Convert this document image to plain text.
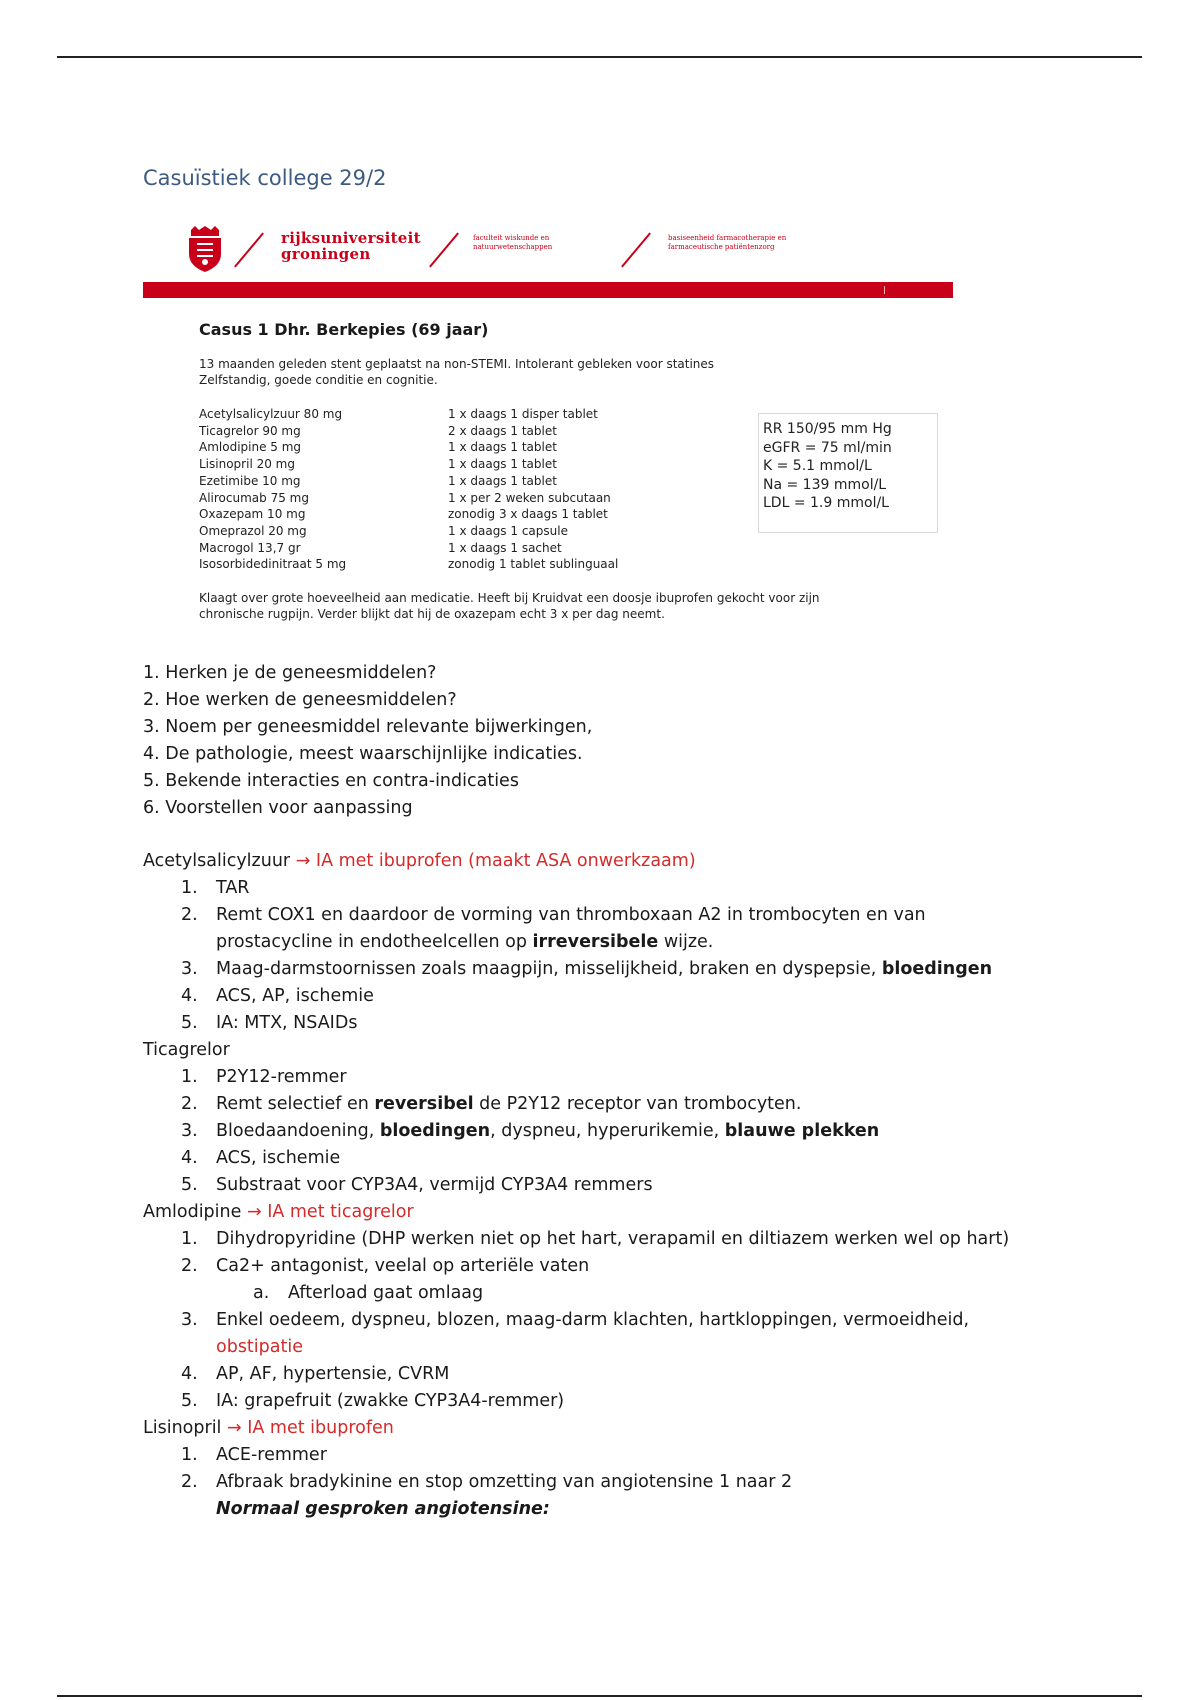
Casuïstiek college 29/2
rijksuniversiteit
groningen
faculteit wiskunde en
natuurwetenschappen
basiseenheid farmacotherapie en
farmaceutische patiëntenzorg
Casus 1 Dhr. Berkepies (69 jaar)
13 maanden geleden stent geplaatst na non-STEMI. Intolerant gebleken voor statines
Zelfstandig, goede conditie en cognitie.
Acetylsalicylzuur 80 mg
Ticagrelor 90 mg
Amlodipine 5 mg
Lisinopril 20 mg
Ezetimibe 10 mg
Alirocumab 75 mg
Oxazepam 10 mg
Omeprazol 20 mg
Macrogol 13,7 gr
Isosorbidedinitraat 5 mg
1 x daags 1 disper tablet
2 x daags 1 tablet
1 x daags 1 tablet
1 x daags 1 tablet
1 x daags 1 tablet
1 x per 2 weken subcutaan
zonodig 3 x daags 1 tablet
1 x daags 1 capsule
1 x daags 1 sachet
zonodig 1 tablet sublinguaal
RR 150/95 mm Hg
eGFR = 75 ml/min
K = 5.1 mmol/L
Na = 139 mmol/L
LDL = 1.9 mmol/L
Klaagt over grote hoeveelheid aan medicatie. Heeft bij Kruidvat een doosje ibuprofen gekocht voor zijn
chronische rugpijn. Verder blijkt dat hij de oxazepam echt 3 x per dag neemt.
1. Herken je de geneesmiddelen?
2. Hoe werken de geneesmiddelen?
3. Noem per geneesmiddel relevante bijwerkingen,
4. De pathologie, meest waarschijnlijke indicaties.
5. Bekende interacties en contra-indicaties
6. Voorstellen voor aanpassing
Acetylsalicylzuur → IA met ibuprofen (maakt ASA onwerkzaam)
1. TAR
2. Remt COX1 en daardoor de vorming van thromboxaan A2 in trombocyten en van
prostacycline in endotheelcellen op irreversibele wijze.
3. Maag-darmstoornissen zoals maagpijn, misselijkheid, braken en dyspepsie, bloedingen
4. ACS, AP, ischemie
5. IA: MTX, NSAIDs
Ticagrelor
1. P2Y12-remmer
2. Remt selectief en reversibel de P2Y12 receptor van trombocyten.
3. Bloedaandoening, bloedingen, dyspneu, hyperurikemie, blauwe plekken
4. ACS, ischemie
5. Substraat voor CYP3A4, vermijd CYP3A4 remmers
Amlodipine → IA met ticagrelor
1. Dihydropyridine (DHP werken niet op het hart, verapamil en diltiazem werken wel op hart)
2. Ca2+ antagonist, veelal op arteriële vaten
a. Afterload gaat omlaag
3. Enkel oedeem, dyspneu, blozen, maag-darm klachten, hartkloppingen, vermoeidheid,
obstipatie
4. AP, AF, hypertensie, CVRM
5. IA: grapefruit (zwakke CYP3A4-remmer)
Lisinopril → IA met ibuprofen
1. ACE-remmer
2. Afbraak bradykinine en stop omzetting van angiotensine 1 naar 2
Normaal gesproken angiotensine:
